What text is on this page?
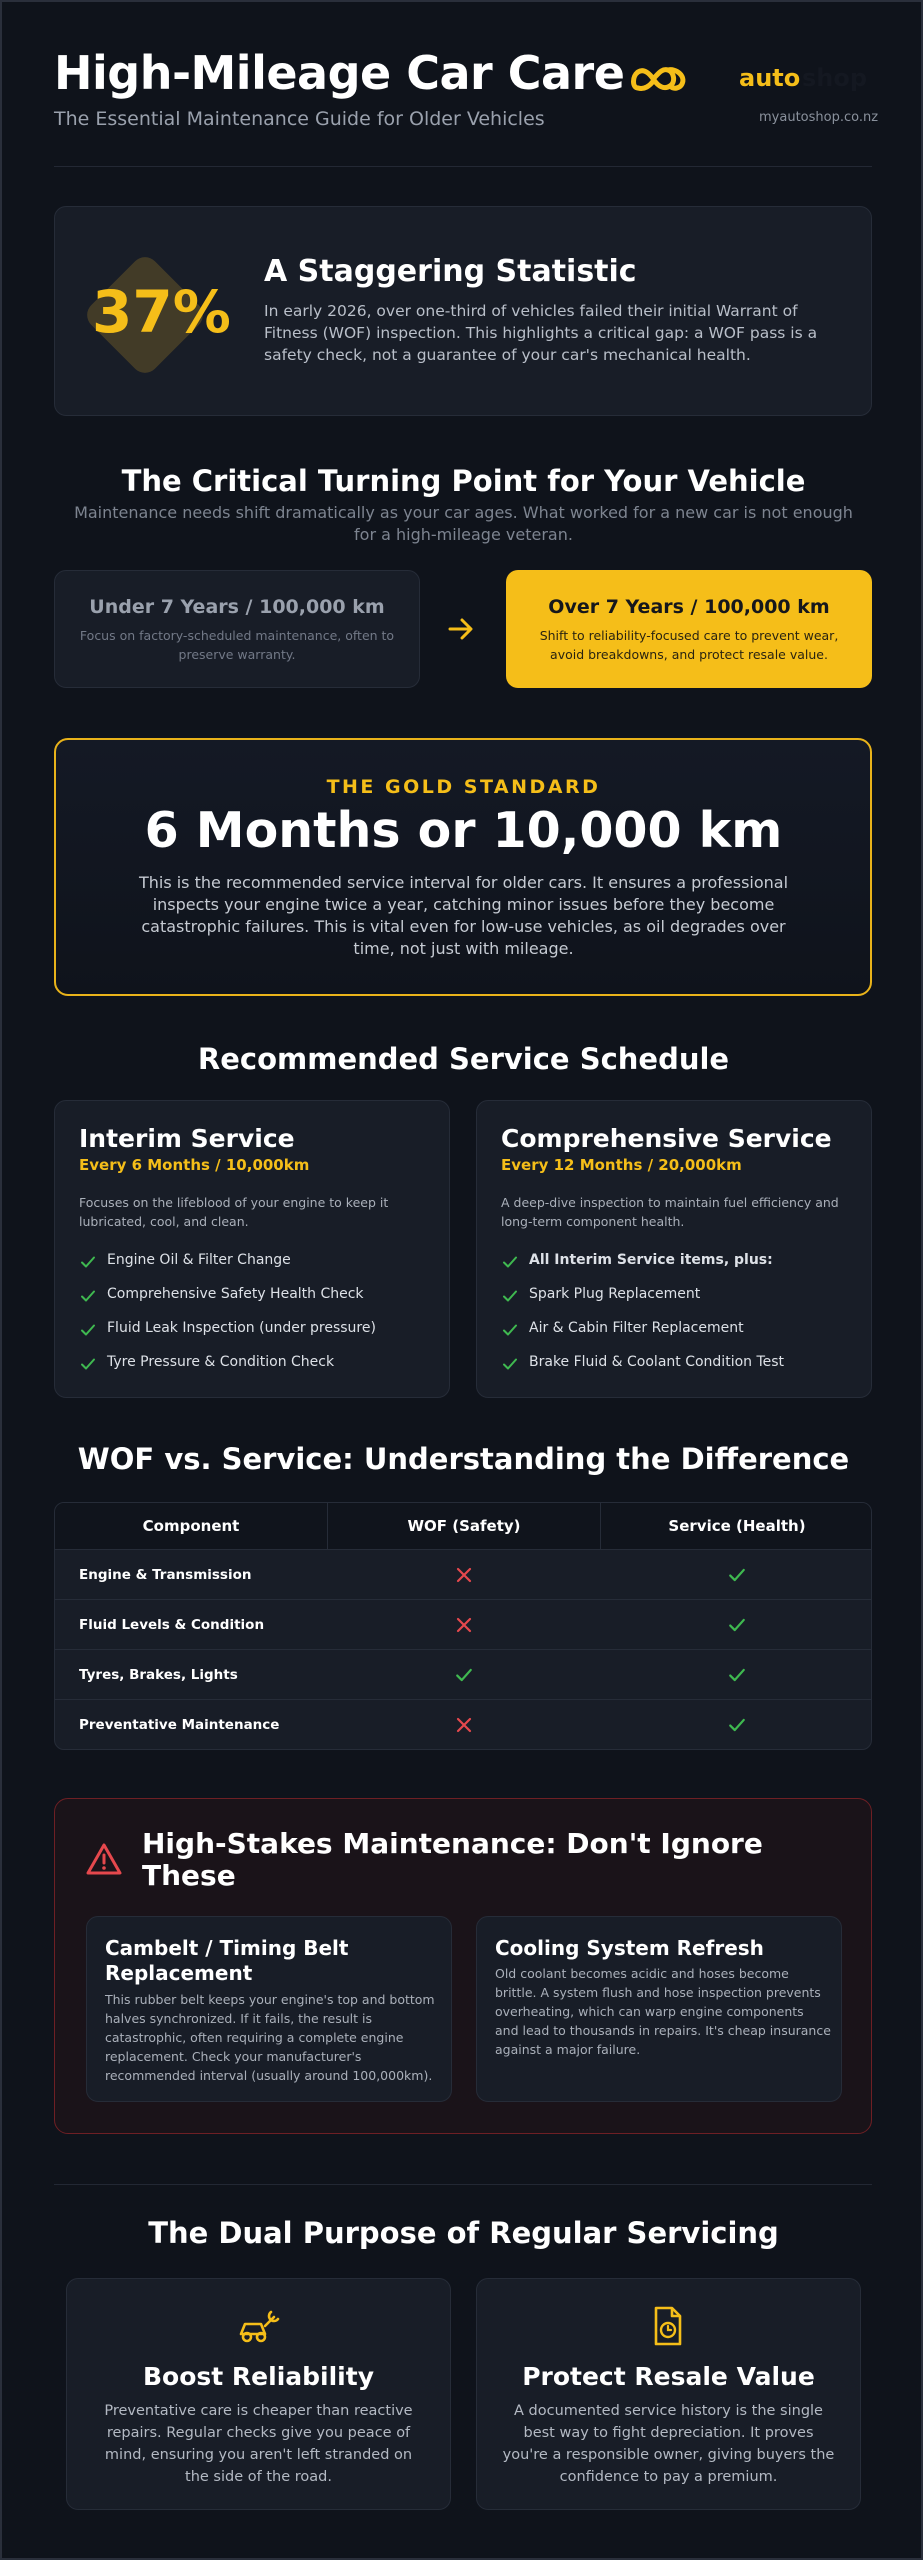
High-Mileage Car Care
The Essential Maintenance Guide for Older Vehicles
auto shop
myautoshop.co.nz
37%
A Staggering Statistic
In early 2026, over one-third of vehicles failed their initial Warrant of Fitness (WOF) inspection. This highlights a critical gap: a WOF pass is a safety check, not a guarantee of your car's mechanical health.
The Critical Turning Point for Your Vehicle
Maintenance needs shift dramatically as your car ages. What worked for a new car is not enough for a high-mileage veteran.
Under 7 Years / 100,000 km
Focus on factory-scheduled maintenance, often to preserve warranty.
Over 7 Years / 100,000 km
Shift to reliability-focused care to prevent wear, avoid breakdowns, and protect resale value.
THE GOLD STANDARD
6 Months or 10,000 km
This is the recommended service interval for older cars. It ensures a professional inspects your engine twice a year, catching minor issues before they become catastrophic failures. This is vital even for low-use vehicles, as oil degrades over time, not just with mileage.
Recommended Service Schedule
Interim Service
Every 6 Months / 10,000km
Focuses on the lifeblood of your engine to keep it lubricated, cool, and clean.
Engine Oil & Filter Change
Comprehensive Safety Health Check
Fluid Leak Inspection (under pressure)
Tyre Pressure & Condition Check
Comprehensive Service
Every 12 Months / 20,000km
A deep-dive inspection to maintain fuel efficiency and long-term component health.
All Interim Service items, plus:
Spark Plug Replacement
Air & Cabin Filter Replacement
Brake Fluid & Coolant Condition Test
WOF vs. Service: Understanding the Difference
Component	WOF (Safety)	Service (Health)
Engine & Transmission
Fluid Levels & Condition
Tyres, Brakes, Lights
Preventative Maintenance
High-Stakes Maintenance: Don't Ignore These
Cambelt / Timing Belt Replacement
This rubber belt keeps your engine's top and bottom halves synchronized. If it fails, the result is catastrophic, often requiring a complete engine replacement. Check your manufacturer's recommended interval (usually around 100,000km).
Cooling System Refresh
Old coolant becomes acidic and hoses become brittle. A system flush and hose inspection prevents overheating, which can warp engine components and lead to thousands in repairs. It's cheap insurance against a major failure.
The Dual Purpose of Regular Servicing
Boost Reliability
Preventative care is cheaper than reactive repairs. Regular checks give you peace of mind, ensuring you aren't left stranded on the side of the road.
Protect Resale Value
A documented service history is the single best way to fight depreciation. It proves you're a responsible owner, giving buyers the confidence to pay a premium.
